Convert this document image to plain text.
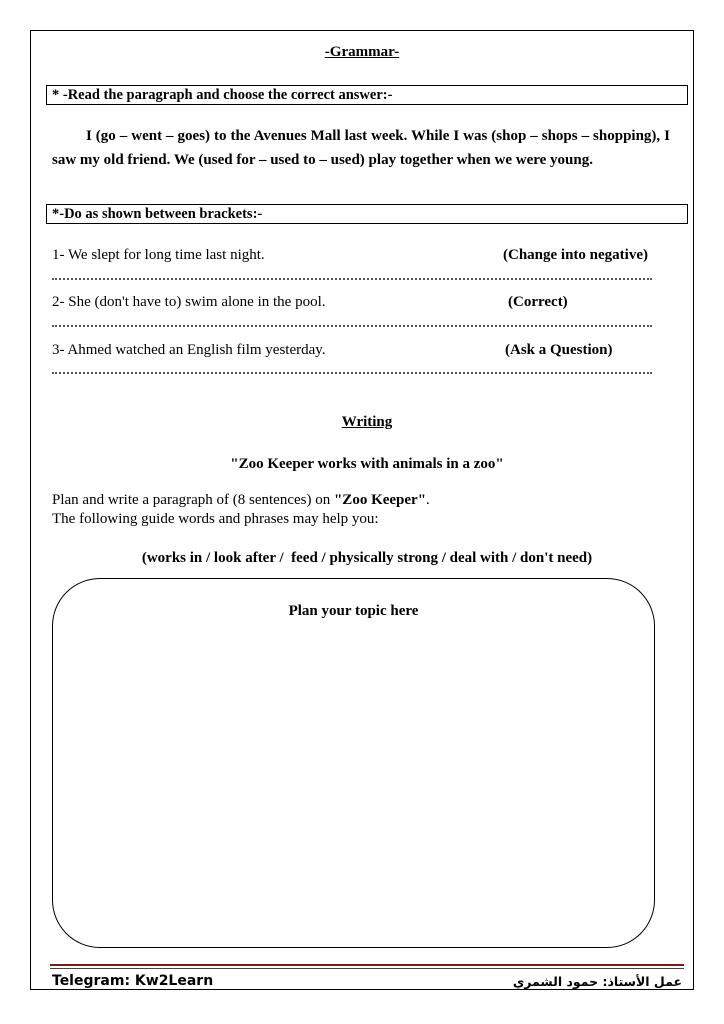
-Grammar-
* -Read the paragraph and choose the correct answer:-
I (go – went – goes) to the Avenues Mall last week. While I was (shop – shops – shopping), I saw my old friend. We (used for – used to – used) play together when we were young.
*-Do as shown between brackets:-
1- We slept for long time last night.	(Change into negative)
2- She (don't have to) swim alone in the pool.	(Correct)
3- Ahmed watched an English film yesterday.	(Ask a Question)
Writing
"Zoo Keeper works with animals in a zoo"
Plan and write a paragraph of (8 sentences) on "Zoo Keeper".
The following guide words and phrases may help you:
(works in / look after /  feed / physically strong / deal with / don't need)
Plan your topic here
Telegram: Kw2Learn	عمل الأستاذ: حمود الشمري
